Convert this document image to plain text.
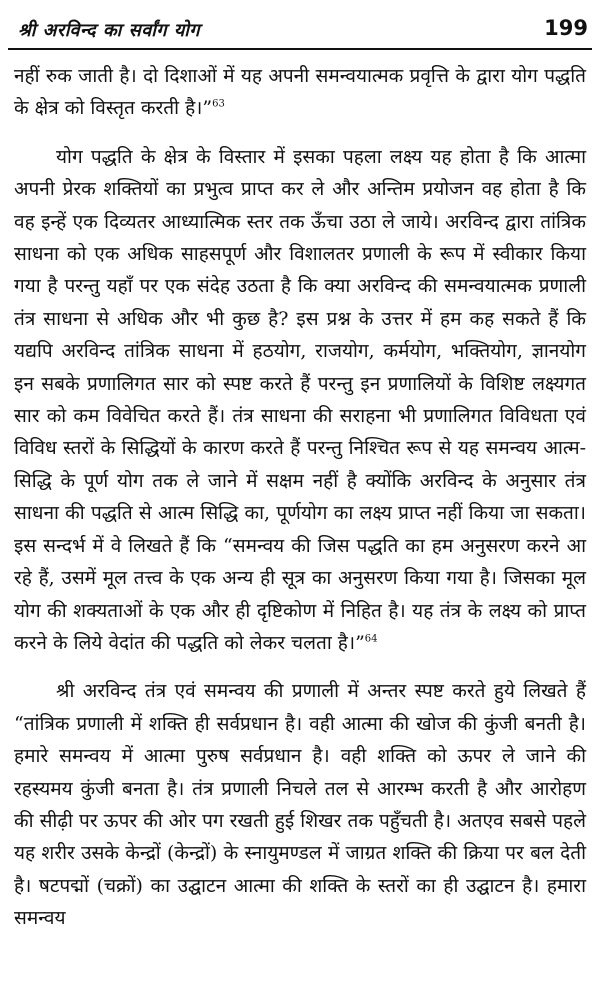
श्री अरविन्द का सर्वांग योग	199

नहीं रुक जाती है। दो दिशाओं में यह अपनी समन्वयात्मक प्रवृत्ति के द्वारा योग पद्धति के क्षेत्र को विस्तृत करती है।”$^{63}$

योग पद्धति के क्षेत्र के विस्तार में इसका पहला लक्ष्य यह होता है कि आत्मा अपनी प्रेरक शक्तियों का प्रभुत्व प्राप्त कर ले और अन्तिम प्रयोजन वह होता है कि वह इन्हें एक दिव्यतर आध्यात्मिक स्तर तक ऊँचा उठा ले जाये। अरविन्द द्वारा तांत्रिक साधना को एक अधिक साहसपूर्ण और विशालतर प्रणाली के रूप में स्वीकार किया गया है परन्तु यहाँ पर एक संदेह उठता है कि क्या अरविन्द की समन्वयात्मक प्रणाली तंत्र साधना से अधिक और भी कुछ है? इस प्रश्न के उत्तर में हम कह सकते हैं कि यद्यपि अरविन्द तांत्रिक साधना में हठयोग, राजयोग, कर्मयोग, भक्तियोग, ज्ञानयोग इन सबके प्रणालिगत सार को स्पष्ट करते हैं परन्तु इन प्रणालियों के विशिष्ट लक्ष्यगत सार को कम विवेचित करते हैं। तंत्र साधना की सराहना भी प्रणालिगत विविधता एवं विविध स्तरों के सिद्धियों के कारण करते हैं परन्तु निश्चित रूप से यह समन्वय आत्म-सिद्धि के पूर्ण योग तक ले जाने में सक्षम नहीं है क्योंकि अरविन्द के अनुसार तंत्र साधना की पद्धति से आत्म सिद्धि का, पूर्णयोग का लक्ष्य प्राप्त नहीं किया जा सकता। इस सन्दर्भ में वे लिखते हैं कि “समन्वय की जिस पद्धति का हम अनुसरण करने आ रहे हैं, उसमें मूल तत्त्व के एक अन्य ही सूत्र का अनुसरण किया गया है। जिसका मूल योग की शक्यताओं के एक और ही दृष्टिकोण में निहित है। यह तंत्र के लक्ष्य को प्राप्त करने के लिये वेदांत की पद्धति को लेकर चलता है।”$^{64}$

श्री अरविन्द तंत्र एवं समन्वय की प्रणाली में अन्तर स्पष्ट करते हुये लिखते हैं “तांत्रिक प्रणाली में शक्ति ही सर्वप्रधान है। वही आत्मा की खोज की कुंजी बनती है। हमारे समन्वय में आत्मा पुरुष सर्वप्रधान है। वही शक्ति को ऊपर ले जाने की रहस्यमय कुंजी बनता है। तंत्र प्रणाली निचले तल से आरम्भ करती है और आरोहण की सीढ़ी पर ऊपर की ओर पग रखती हुई शिखर तक पहुँचती है। अतएव सबसे पहले यह शरीर उसके केन्द्रों (केन्द्रों) के स्नायुमण्डल में जाग्रत शक्ति की क्रिया पर बल देती है। षटपद्मों (चक्रों) का उद्घाटन आत्मा की शक्ति के स्तरों का ही उद्घाटन है। हमारा समन्वय
